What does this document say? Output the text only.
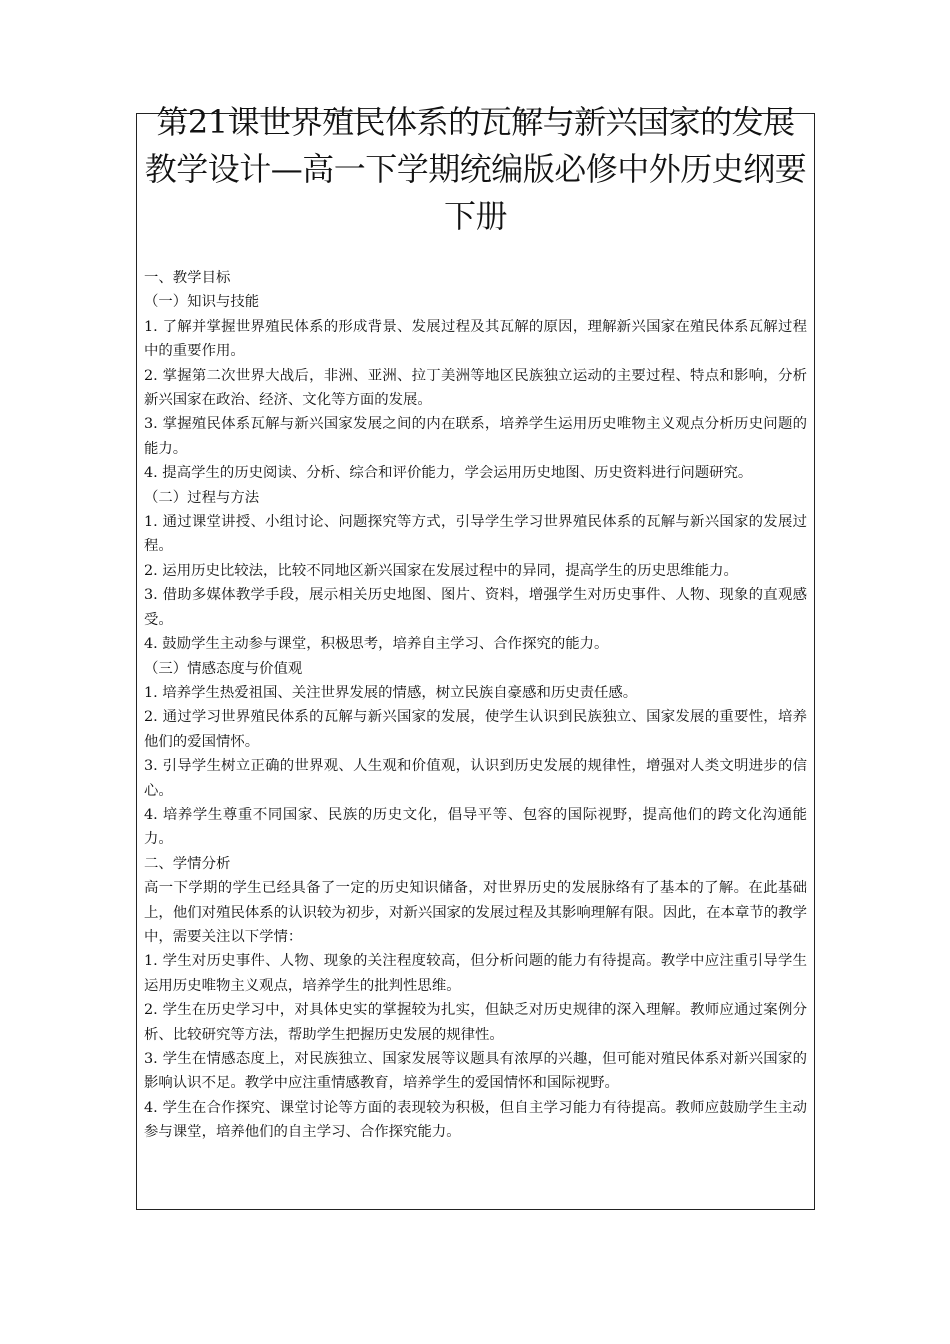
第21课世界殖民体系的瓦解与新兴国家的发展教学设计—高一下学期统编版必修中外历史纲要下册

一、教学目标

（一）知识与技能

1. 了解并掌握世界殖民体系的形成背景、发展过程及其瓦解的原因，理解新兴国家在殖民体系瓦解过程中的重要作用。

2. 掌握第二次世界大战后，非洲、亚洲、拉丁美洲等地区民族独立运动的主要过程、特点和影响，分析新兴国家在政治、经济、文化等方面的发展。

3. 掌握殖民体系瓦解与新兴国家发展之间的内在联系，培养学生运用历史唯物主义观点分析历史问题的能力。

4. 提高学生的历史阅读、分析、综合和评价能力，学会运用历史地图、历史资料进行问题研究。

（二）过程与方法

1. 通过课堂讲授、小组讨论、问题探究等方式，引导学生学习世界殖民体系的瓦解与新兴国家的发展过程。

2. 运用历史比较法，比较不同地区新兴国家在发展过程中的异同，提高学生的历史思维能力。

3. 借助多媒体教学手段，展示相关历史地图、图片、资料，增强学生对历史事件、人物、现象的直观感受。

4. 鼓励学生主动参与课堂，积极思考，培养自主学习、合作探究的能力。

（三）情感态度与价值观

1. 培养学生热爱祖国、关注世界发展的情感，树立民族自豪感和历史责任感。

2. 通过学习世界殖民体系的瓦解与新兴国家的发展，使学生认识到民族独立、国家发展的重要性，培养他们的爱国情怀。

3. 引导学生树立正确的世界观、人生观和价值观，认识到历史发展的规律性，增强对人类文明进步的信心。

4. 培养学生尊重不同国家、民族的历史文化，倡导平等、包容的国际视野，提高他们的跨文化沟通能力。

二、学情分析

高一下学期的学生已经具备了一定的历史知识储备，对世界历史的发展脉络有了基本的了解。在此基础上，他们对殖民体系的认识较为初步，对新兴国家的发展过程及其影响理解有限。因此，在本章节的教学中，需要关注以下学情：

1. 学生对历史事件、人物、现象的关注程度较高，但分析问题的能力有待提高。教学中应注重引导学生运用历史唯物主义观点，培养学生的批判性思维。

2. 学生在历史学习中，对具体史实的掌握较为扎实，但缺乏对历史规律的深入理解。教师应通过案例分析、比较研究等方法，帮助学生把握历史发展的规律性。

3. 学生在情感态度上，对民族独立、国家发展等议题具有浓厚的兴趣，但可能对殖民体系对新兴国家的影响认识不足。教学中应注重情感教育，培养学生的爱国情怀和国际视野。

4. 学生在合作探究、课堂讨论等方面的表现较为积极，但自主学习能力有待提高。教师应鼓励学生主动参与课堂，培养他们的自主学习、合作探究能力。
